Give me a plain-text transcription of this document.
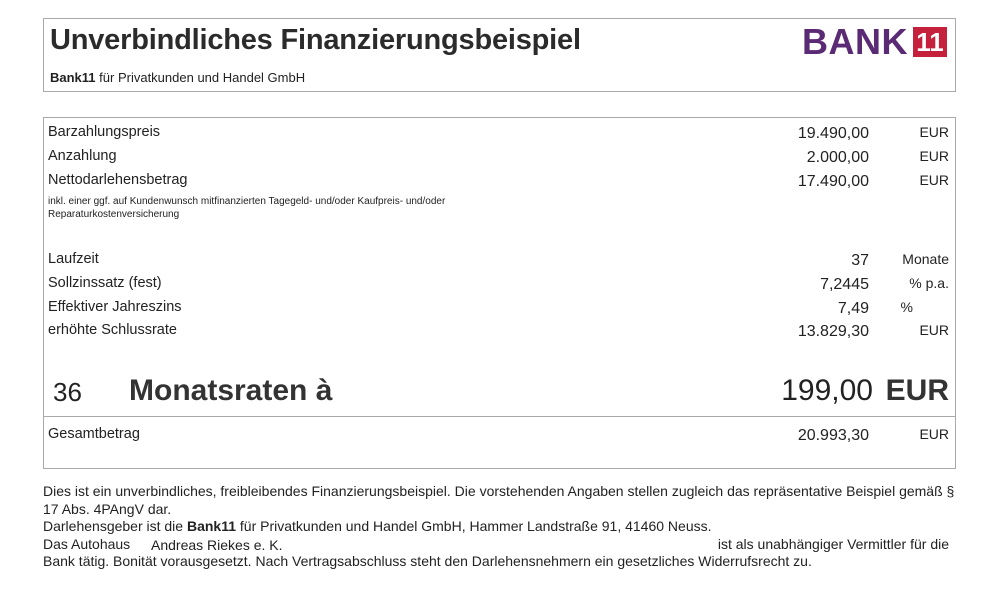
Unverbindliches Finanzierungsbeispiel
Bank11 für Privatkunden und Handel GmbH
BANK 11
Barzahlungspreis	19.490,00	EUR
Anzahlung	2.000,00	EUR
Nettodarlehensbetrag	17.490,00	EUR
inkl. einer ggf. auf Kundenwunsch mitfinanzierten Tagegeld- und/oder Kaufpreis- und/oder Reparaturkostenversicherung
Laufzeit	37 Monate
Sollzinssatz (fest)	7,2445	% p.a.
Effektiver Jahreszins	7,49 %
erhöhte Schlussrate	13.829,30	EUR
36 Monatsraten à	199,00 EUR
Gesamtbetrag	20.993,30	EUR

Dies ist ein unverbindliches, freibleibendes Finanzierungsbeispiel. Die vorstehenden Angaben stellen zugleich das repräsentative Beispiel gemäß § 17 Abs. 4PAngV dar.

Darlehensgeber ist die Bank11 für Privatkunden und Handel GmbH, Hammer Landstraße 91, 41460 Neuss.

Das Autohaus Andreas Riekes e. K.	ist als unabhängiger Vermittler für die

Bank tätig. Bonität vorausgesetzt. Nach Vertragsabschluss steht den Darlehensnehmern ein gesetzliches Widerrufsrecht zu.
